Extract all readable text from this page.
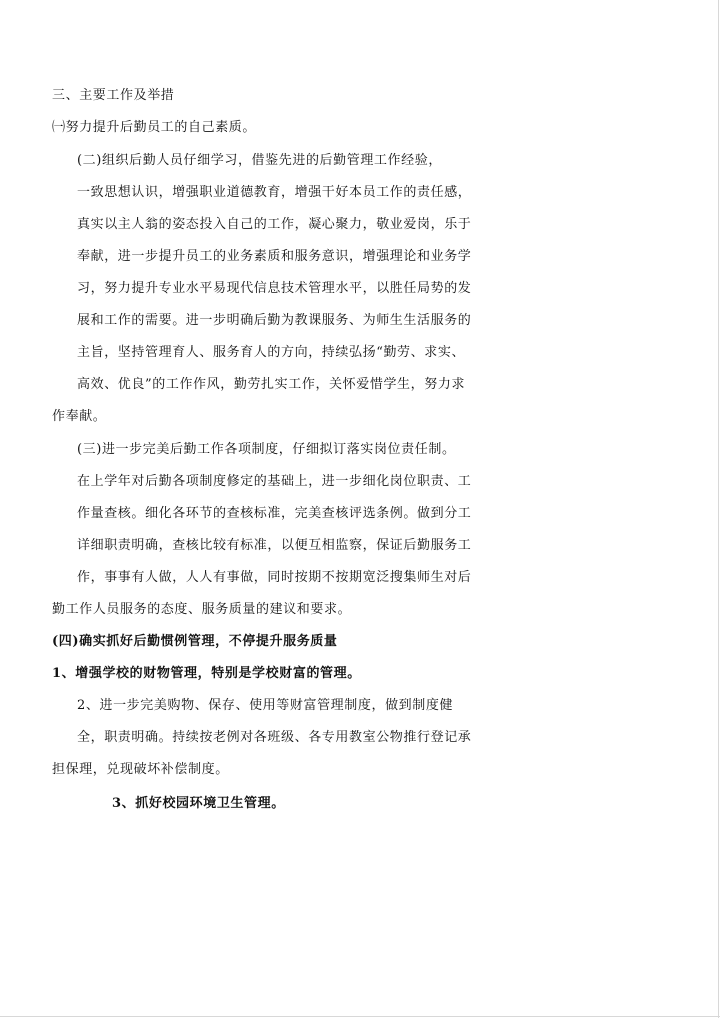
三、主要工作及举措
㈠努力提升后勤员工的自己素质。
(二)组织后勤人员仔细学习，借鉴先进的后勤管理工作经验，
一致思想认识，增强职业道德教育，增强干好本员工作的责任感，
真实以主人翁的姿态投入自己的工作，凝心聚力，敬业爱岗，乐于
奉献，进一步提升员工的业务素质和服务意识，增强理论和业务学
习，努力提升专业水平易现代信息技术管理水平，以胜任局势的发
展和工作的需要。进一步明确后勤为教课服务、为师生生活服务的
主旨，坚持管理育人、服务育人的方向，持续弘扬“勤劳、求实、
高效、优良”的工作作风，勤劳扎实工作，关怀爱惜学生，努力求
作奉献。
(三)进一步完美后勤工作各项制度，仔细拟订落实岗位责任制。
在上学年对后勤各项制度修定的基础上，进一步细化岗位职责、工
作量查核。细化各环节的查核标准，完美查核评选条例。做到分工
详细职责明确，查核比较有标准，以便互相监察，保证后勤服务工
作，事事有人做，人人有事做，同时按期不按期宽泛搜集师生对后
勤工作人员服务的态度、服务质量的建议和要求。
(四)确实抓好后勤惯例管理，不停提升服务质量
1、增强学校的财物管理，特别是学校财富的管理。
2、进一步完美购物、保存、使用等财富管理制度，做到制度健
全，职责明确。持续按老例对各班级、各专用教室公物推行登记承
担保理，兑现破坏补偿制度。
3、抓好校园环境卫生管理。
